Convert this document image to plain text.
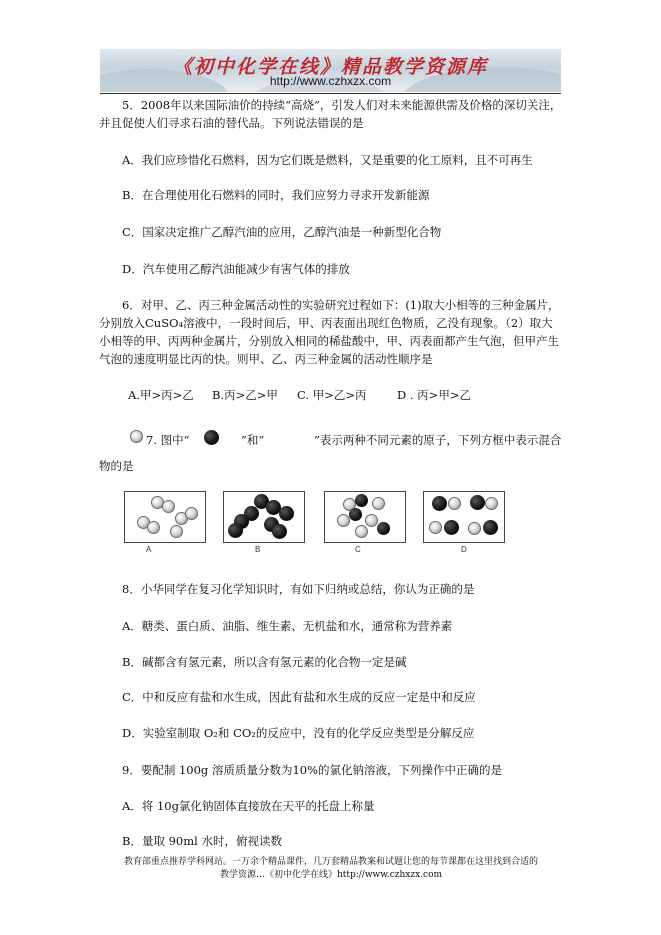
《初中化学在线》精品教学资源库
http://www.czhxzx.com
5．2008年以来国际油价的持续“高烧”，引发人们对未来能源供需及价格的深切关注，
并且促使人们寻求石油的替代品。下列说法错误的是
A．我们应珍惜化石燃料，因为它们既是燃料，又是重要的化工原料，且不可再生
B．在合理使用化石燃料的同时，我们应努力寻求开发新能源
C．国家决定推广乙醇汽油的应用，乙醇汽油是一种新型化合物
D．汽车使用乙醇汽油能减少有害气体的排放
6．对甲、乙、丙三种金属活动性的实验研究过程如下：(1)取大小相等的三种金属片，
分别放入CuSO₄溶液中，一段时间后，甲、丙表面出现红色物质，乙没有现象。（2）取大
小相等的甲、丙两种金属片，分别放入相同的稀盐酸中，甲、丙表面都产生气泡，但甲产生
气泡的速度明显比丙的快。则甲、乙、丙三种金属的活动性顺序是
A.甲>丙>乙 B.丙>乙>甲 C. 甲>乙>丙	D . 丙>甲>乙
7. 图中“	”和“	”表示两种不同元素的原子，下列方框中表示混合
物的是
A	B	C	D
8．小华同学在复习化学知识时，有如下归纳或总结，你认为正确的是
A．糖类、蛋白质、油脂、维生素、无机盐和水，通常称为营养素
B．碱都含有氢元素，所以含有氢元素的化合物一定是碱
C．中和反应有盐和水生成，因此有盐和水生成的反应一定是中和反应
D．实验室制取 O₂和 CO₂的反应中，没有的化学反应类型是分解反应
9．要配制 100g 溶质质量分数为10%的氯化钠溶液，下列操作中正确的是
A．将 10g氯化钠固体直接放在天平的托盘上称量
B．量取 90ml 水时，俯视读数
教育部重点推荐学科网站。一万余个精品课件，几万套精品教案和试题让您的每节课都在这里找到合适的
教学资源…《初中化学在线》http://www.czhxzx.com
